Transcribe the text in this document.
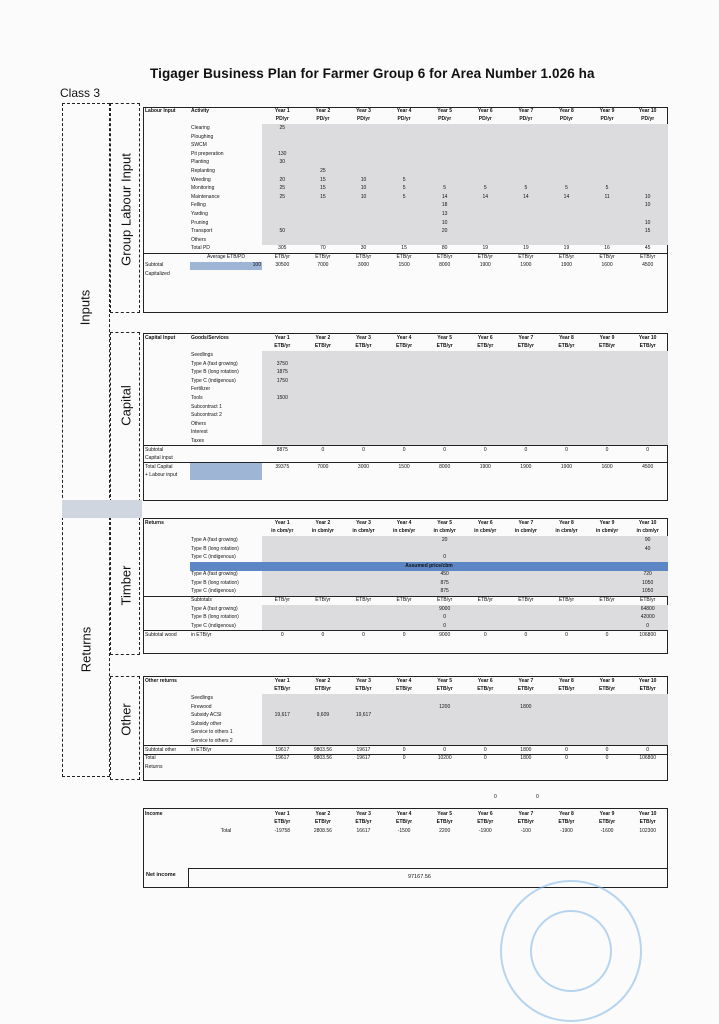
Tigager Business Plan for Farmer Group 6 for Area Number 1.026 ha
Class 3
Inputs
Returns
Group Labour Input
Capital
Timber
Other
Labour Input	Activity	Year 1	Year 2	Year 3	Year 4	Year 5	Year 6	Year 7	Year 8	Year 9	Year 10
		PD/yr	PD/yr	PD/yr	PD/yr	PD/yr	PD/yr	PD/yr	PD/yr	PD/yr	PD/yr
	Clearing	25									
	Ploughing										
	SWCM										
	Pit preperation	130									
	Planting	30									
	Replanting		25								
	Weeding	20	15	10	5						
	Monitoring	25	15	10	5	5	5	5	5	5	
	Maintenance	25	15	10	5	14	14	14	14	11	10
	Felling					18					10
	Yarding					13					
	Pruning					10					10
	Transport	50				20					15
	Others										
	Total PD	305	70	30	15	80	19	19	19	16	45
	Average ETB/PD	ETB/yr	ETB/yr	ETB/yr	ETB/yr	ETB/yr	ETB/yr	ETB/yr	ETB/yr	ETB/yr	ETB/yr
Subtotal	100	30500	7000	3000	1500	8000	1900	1900	1900	1600	4500
Capitalized											
Capital Input	Goods/Services	Year 1	Year 2	Year 3	Year 4	Year 5	Year 6	Year 7	Year 8	Year 9	Year 10
		ETB/yr	ETB/yr	ETB/yr	ETB/yr	ETB/yr	ETB/yr	ETB/yr	ETB/yr	ETB/yr	ETB/yr
	Seedlings										
	Type A (fast growing)	3750									
	Type B (long rotation)	1875									
	Type C (indigenous)	1750									
	Fertilizer										
	Tools	1500									
	Subcontract 1										
	Subcontract 2										
	Others										
	Interest										
	Taxes										
Subtotal		8875	0	0	0	0	0	0	0	0	0
Capital input											
Total Capital		39375	7000	3000	1500	8000	1900	1900	1900	1600	4500
+ Labour input											
Returns		Year 1	Year 2	Year 3	Year 4	Year 5	Year 6	Year 7	Year 8	Year 9	Year 10
		in cbm/yr	in cbm/yr	in cbm/yr	in cbm/yr	in cbm/yr	in cbm/yr	in cbm/yr	in cbm/yr	in cbm/yr	in cbm/yr
	Type A (fast growing)					20					90
	Type B (long rotation)										40
	Type C (indigenous)					0					
	Assumed price/cbm										
	Type A (fast growing)					450					720
	Type B (long rotation)					875					1050
	Type C (indigenous)					875					1050
	Subtotals	ETB/yr	ETB/yr	ETB/yr	ETB/yr	ETB/yr	ETB/yr	ETB/yr	ETB/yr	ETB/yr	ETB/yr
	Type A (fast growing)					9000					64800
	Type B (long rotation)					0					42000
	Type C (indigenous)					0					0
Subtotal wood	in ETB/yr	0	0	0	0	9000	0	0	0	0	106800
Other returns		Year 1	Year 2	Year 3	Year 4	Year 5	Year 6	Year 7	Year 8	Year 9	Year 10
		ETB/yr	ETB/yr	ETB/yr	ETB/yr	ETB/yr	ETB/yr	ETB/yr	ETB/yr	ETB/yr	ETB/yr
	Seedlings										
	Firewood					1200		1800			
	Subsidy ACSI	19,617	9,609	19,617							
	Subsidy other										
	Service to others 1										
	Service to others 2										
Subtotal other	in ETB/yr	19617	9803.56	19617	0	0	0	1800	0	0	0
Total		19617	9803.56	19617	0	10200	0	1800	0	0	106800
Returns											
0	0
Income		Year 1	Year 2	Year 3	Year 4	Year 5	Year 6	Year 7	Year 8	Year 9	Year 10

		ETB/yr	ETB/yr	ETB/yr	ETB/yr	ETB/yr	ETB/yr	ETB/yr	ETB/yr	ETB/yr	ETB/yr

	Total	-19758	2808.56	16617	-1500	2200	-1900	-100	-1900	-1600	102300
Net income	97167.56
